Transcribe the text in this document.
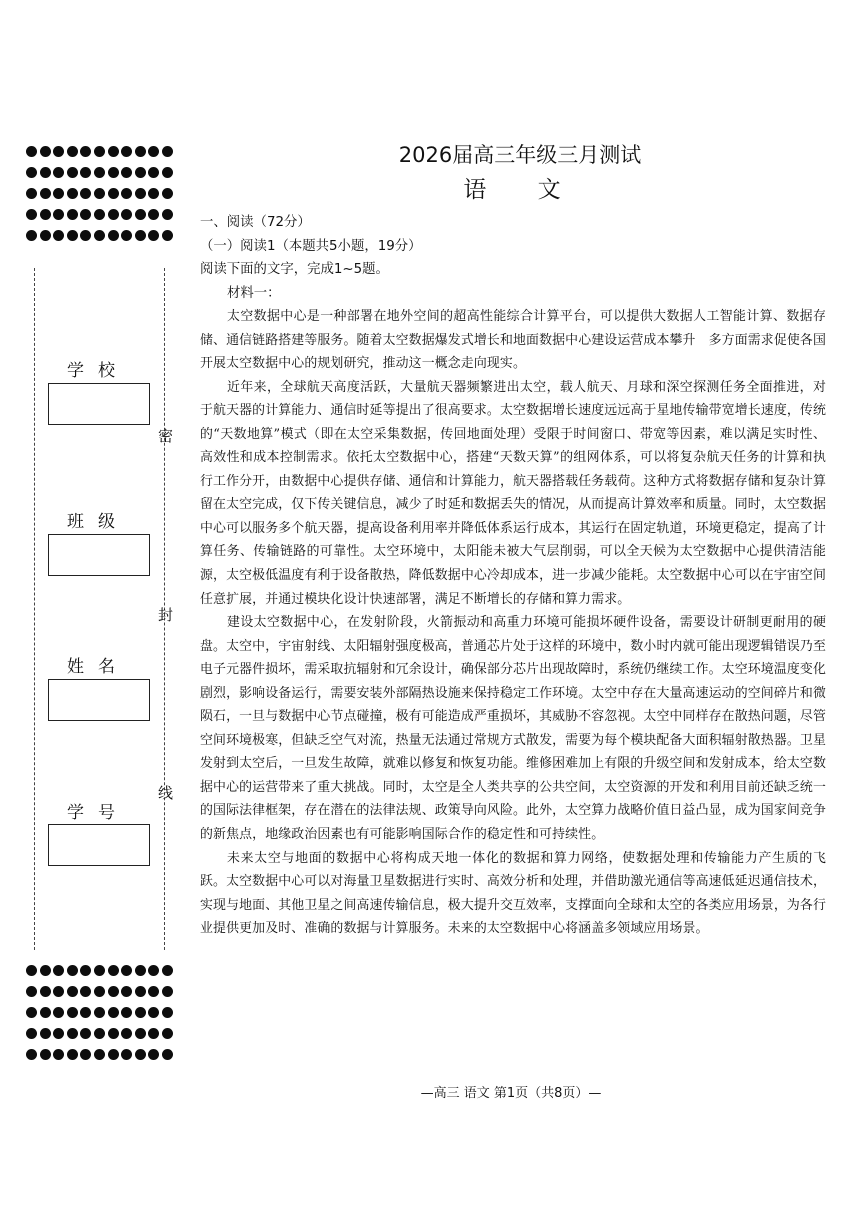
学校
班级
姓名
学号
密
封
线
2026届高三年级三月测试
语 文

一、阅读（72分）

（一）阅读1（本题共5小题，19分）

阅读下面的文字，完成1~5题。

材料一：

太空数据中心是一种部署在地外空间的超高性能综合计算平台，可以提供大数据人工智能计算、数据存储、通信链路搭建等服务。随着太空数据爆发式增长和地面数据中心建设运营成本攀升　多方面需求促使各国开展太空数据中心的规划研究，推动这一概念走向现实。

近年来，全球航天高度活跃，大量航天器频繁进出太空，载人航天、月球和深空探测任务全面推进，对于航天器的计算能力、通信时延等提出了很高要求。太空数据增长速度远远高于星地传输带宽增长速度，传统的“天数地算”模式（即在太空采集数据，传回地面处理）受限于时间窗口、带宽等因素，难以满足实时性、高效性和成本控制需求。依托太空数据中心，搭建“天数天算”的组网体系，可以将复杂航天任务的计算和执行工作分开，由数据中心提供存储、通信和计算能力，航天器搭载任务载荷。这种方式将数据存储和复杂计算留在太空完成，仅下传关键信息，减少了时延和数据丢失的情况，从而提高计算效率和质量。同时，太空数据中心可以服务多个航天器，提高设备利用率并降低体系运行成本，其运行在固定轨道，环境更稳定，提高了计算任务、传输链路的可靠性。太空环境中，太阳能未被大气层削弱，可以全天候为太空数据中心提供清洁能源，太空极低温度有利于设备散热，降低数据中心冷却成本，进一步减少能耗。太空数据中心可以在宇宙空间任意扩展，并通过模块化设计快速部署，满足不断增长的存储和算力需求。

建设太空数据中心，在发射阶段，火箭振动和高重力环境可能损坏硬件设备，需要设计研制更耐用的硬盘。太空中，宇宙射线、太阳辐射强度极高，普通芯片处于这样的环境中，数小时内就可能出现逻辑错误乃至电子元器件损坏，需采取抗辐射和冗余设计，确保部分芯片出现故障时，系统仍继续工作。太空环境温度变化剧烈，影响设备运行，需要安装外部隔热设施来保持稳定工作环境。太空中存在大量高速运动的空间碎片和微陨石，一旦与数据中心节点碰撞，极有可能造成严重损坏，其威胁不容忽视。太空中同样存在散热问题，尽管空间环境极寒，但缺乏空气对流，热量无法通过常规方式散发，需要为每个模块配备大面积辐射散热器。卫星发射到太空后，一旦发生故障，就难以修复和恢复功能。维修困难加上有限的升级空间和发射成本，给太空数据中心的运营带来了重大挑战。同时，太空是全人类共享的公共空间，太空资源的开发和利用目前还缺乏统一的国际法律框架，存在潜在的法律法规、政策导向风险。此外，太空算力战略价值日益凸显，成为国家间竞争的新焦点，地缘政治因素也有可能影响国际合作的稳定性和可持续性。

未来太空与地面的数据中心将构成天地一体化的数据和算力网络，使数据处理和传输能力产生质的飞跃。太空数据中心可以对海量卫星数据进行实时、高效分析和处理，并借助激光通信等高速低延迟通信技术，实现与地面、其他卫星之间高速传输信息，极大提升交互效率，支撑面向全球和太空的各类应用场景，为各行业提供更加及时、准确的数据与计算服务。未来的太空数据中心将涵盖多领域应用场景。

—高三 语文 第1页（共8页）—
